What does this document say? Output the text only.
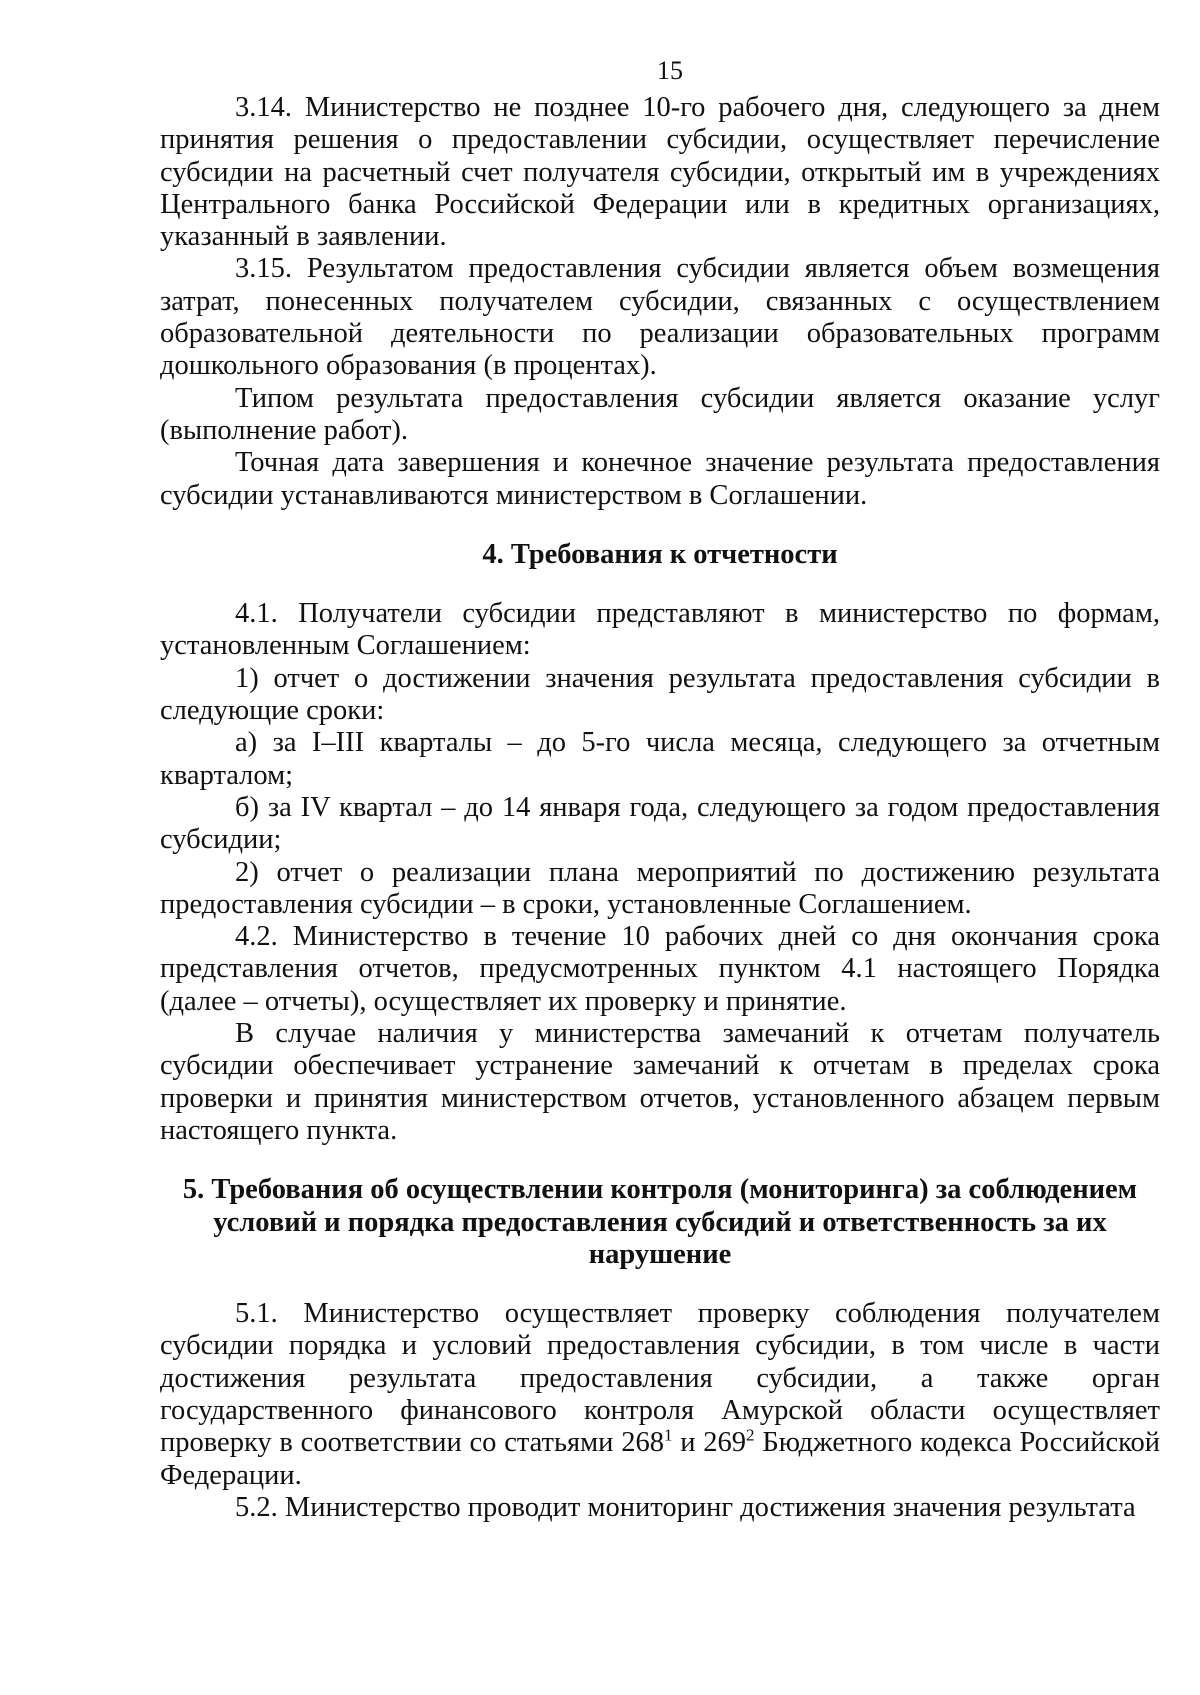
15

3.14. Министерство не позднее 10-го рабочего дня, следующего за днем принятия решения о предоставлении субсидии, осуществляет перечисление субсидии на расчетный счет получателя субсидии, открытый им в учреждениях Центрального банка Российской Федерации или в кредитных организациях, указанный в заявлении.

3.15. Результатом предоставления субсидии является объем возмещения затрат, понесенных получателем субсидии, связанных с осуществлением образовательной деятельности по реализации образовательных программ дошкольного образования (в процентах).

Типом результата предоставления субсидии является оказание услуг (выполнение работ).

Точная дата завершения и конечное значение результата предоставления субсидии устанавливаются министерством в Соглашении.

4. Требования к отчетности

4.1. Получатели субсидии представляют в министерство по формам, установленным Соглашением:

1) отчет о достижении значения результата предоставления субсидии в следующие сроки:

а) за I–III кварталы – до 5-го числа месяца, следующего за отчетным кварталом;

б) за IV квартал – до 14 января года, следующего за годом предоставления субсидии;

2) отчет о реализации плана мероприятий по достижению результата предоставления субсидии – в сроки, установленные Соглашением.

4.2. Министерство в течение 10 рабочих дней со дня окончания срока представления отчетов, предусмотренных пунктом 4.1 настоящего Порядка (далее – отчеты), осуществляет их проверку и принятие.

В случае наличия у министерства замечаний к отчетам получатель субсидии обеспечивает устранение замечаний к отчетам в пределах срока проверки и принятия министерством отчетов, установленного абзацем первым настоящего пункта.

5. Требования об осуществлении контроля (мониторинга) за соблюдением
условий и порядка предоставления субсидий и ответственность за их
нарушение

5.1. Министерство осуществляет проверку соблюдения получателем субсидии порядка и условий предоставления субсидии, в том числе в части достижения результата предоставления субсидии, а также орган государственного финансового контроля Амурской области осуществляет проверку в соответствии со статьями $268^1$ и $269^2$ Бюджетного кодекса Российской Федерации.

5.2. Министерство проводит мониторинг достижения значения результата
